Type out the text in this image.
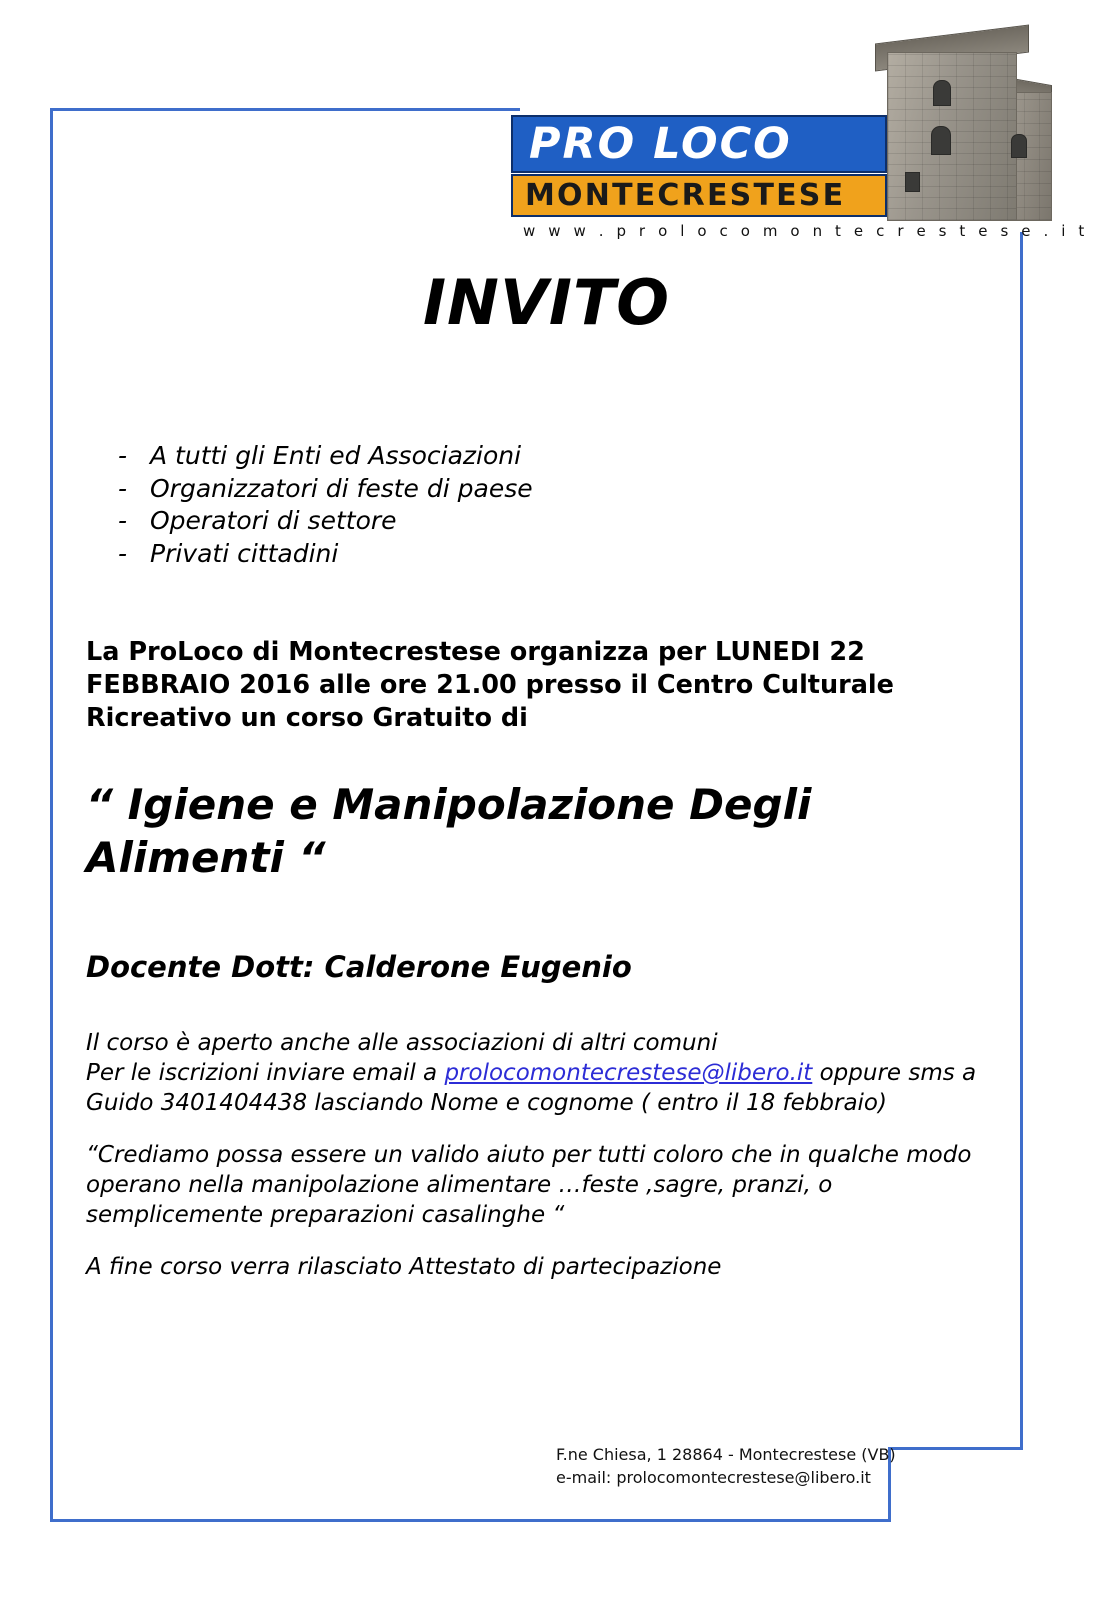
PRO LOCO
MONTECRESTESE
w w w . p r o l o c o m o n t e c r e s t e s e . i t
INVITO
- A tutti gli Enti ed Associazioni
- Organizzatori di feste di paese
- Operatori di settore
- Privati cittadini
La ProLoco di Montecrestese organizza per LUNEDI 22 FEBBRAIO 2016 alle ore 21.00 presso il Centro Culturale Ricreativo un corso Gratuito di
“ Igiene e Manipolazione Degli Alimenti “
Docente Dott: Calderone Eugenio
Il corso è aperto anche alle associazioni di altri comuni
Per le iscrizioni inviare email a prolocomontecrestese@libero.it oppure sms a
Guido 3401404438 lasciando Nome e cognome ( entro il 18 febbraio)
“Crediamo possa essere un valido aiuto per tutti coloro che in qualche modo operano nella manipolazione alimentare …feste ,sagre, pranzi, o semplicemente preparazioni casalinghe “
A fine corso verra rilasciato Attestato di partecipazione
F.ne Chiesa, 1 28864 - Montecrestese (VB)
e-mail: prolocomontecrestese@libero.it
